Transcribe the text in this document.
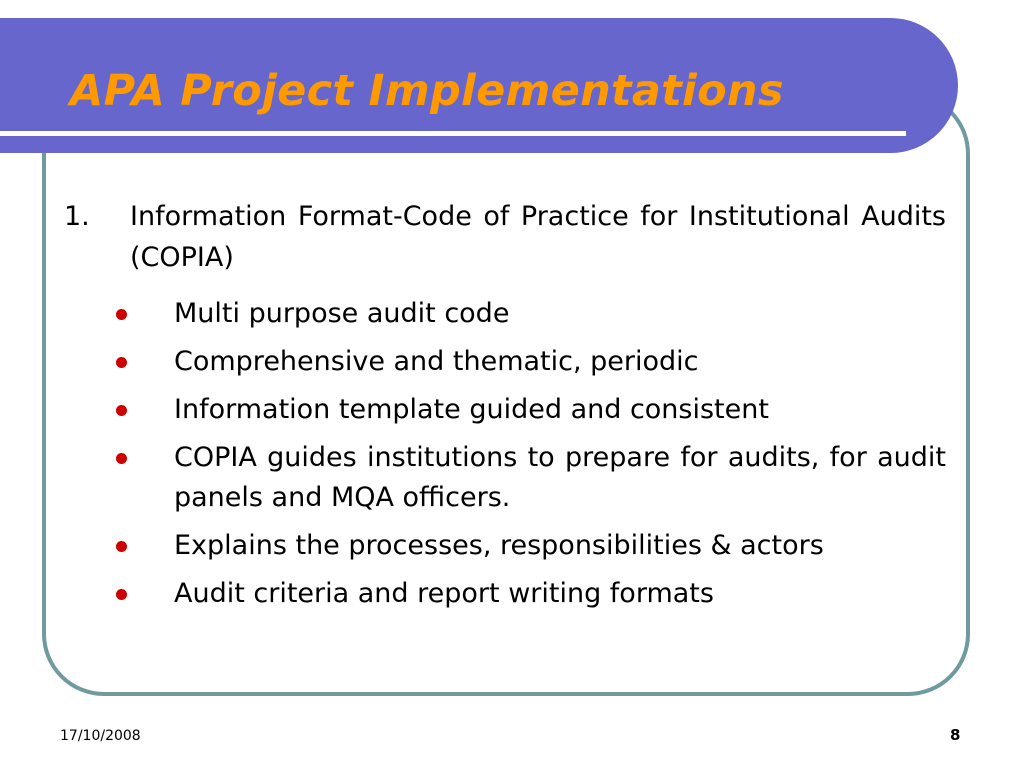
APA Project Implementations
1. Information Format-Code of Practice for Institutional Audits (COPIA)
Multi purpose audit code
Comprehensive and thematic, periodic
Information template guided and consistent
COPIA guides institutions to prepare for audits, for audit panels and MQA officers.
Explains the processes, responsibilities & actors
Audit criteria and report writing formats
17/10/2008	8
